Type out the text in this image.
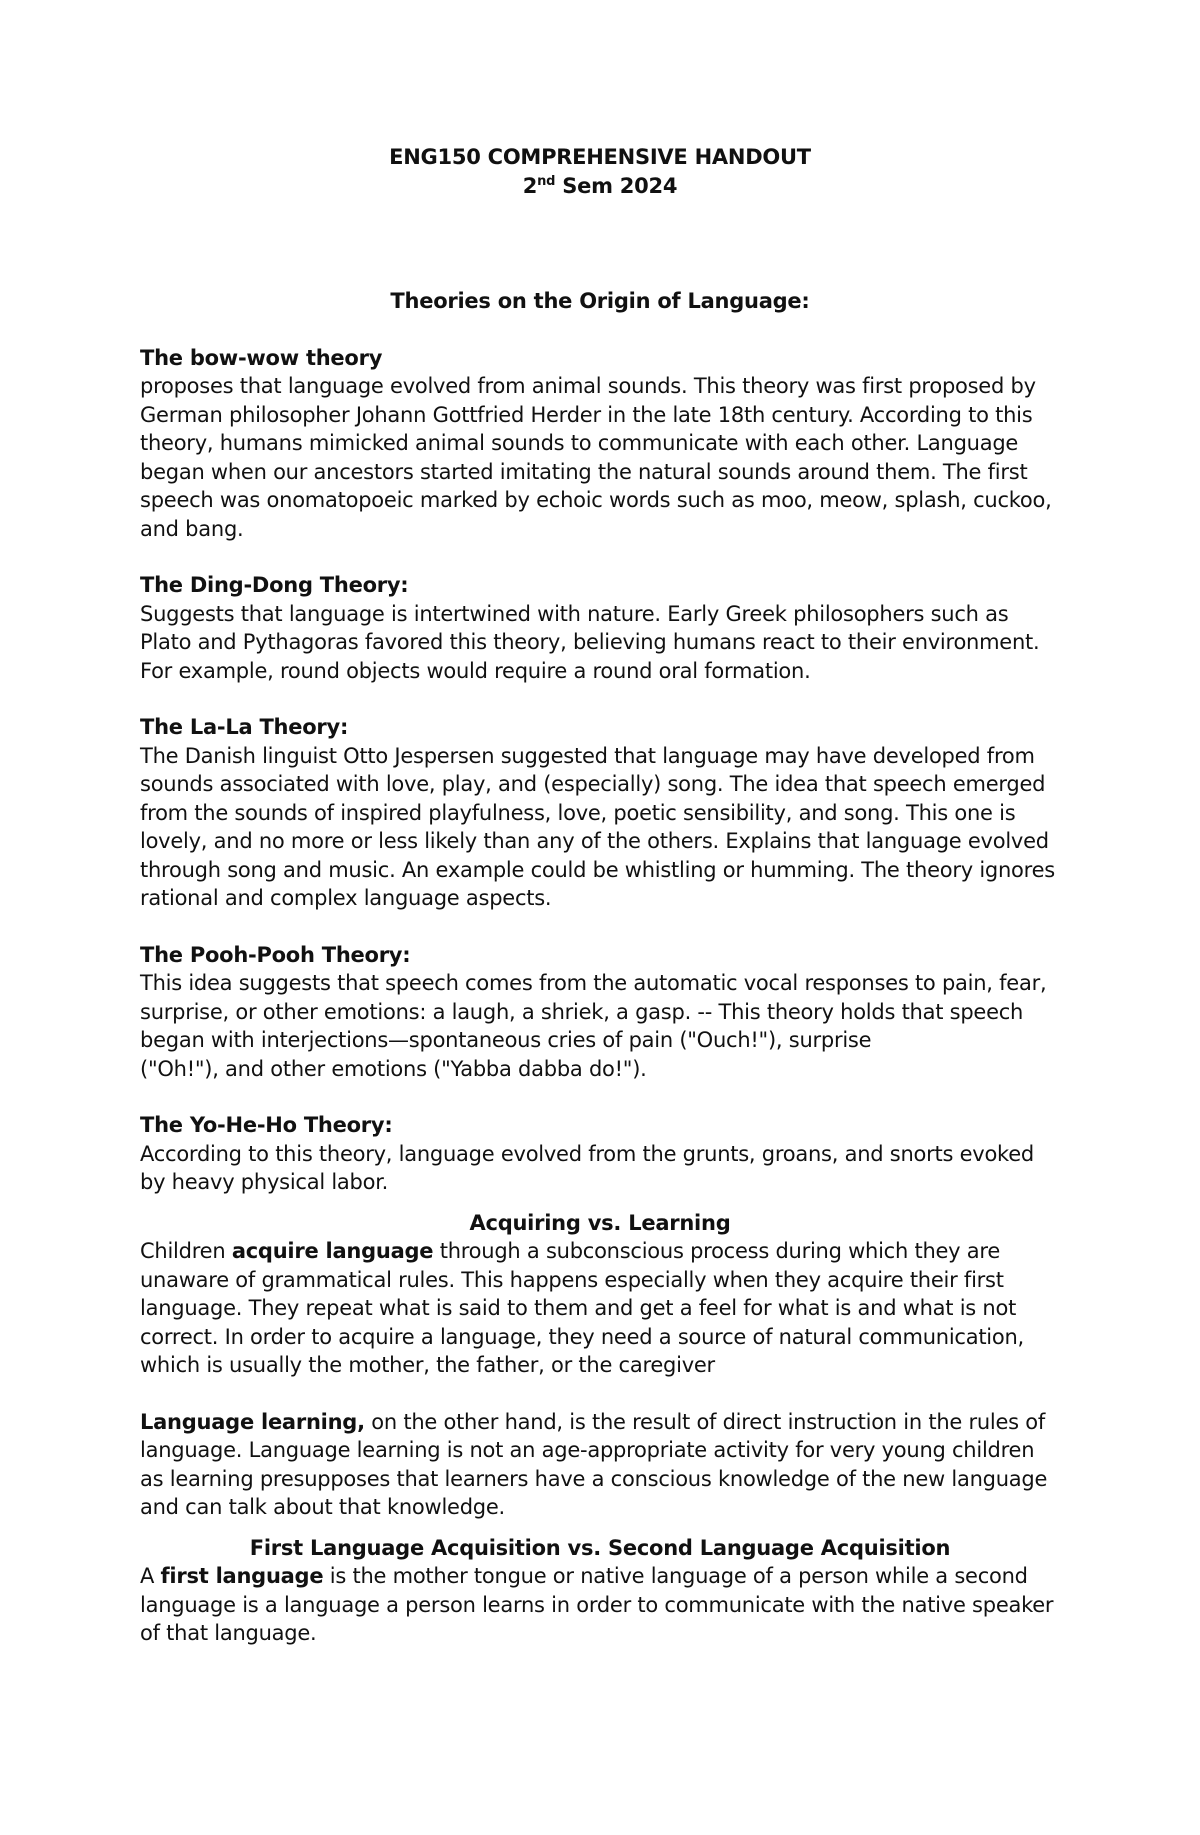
ENG150 COMPREHENSIVE HANDOUT

2nd Sem 2024

Theories on the Origin of Language:

The bow-wow theory

proposes that language evolved from animal sounds. This theory was first proposed by German philosopher Johann Gottfried Herder in the late 18th century. According to this theory, humans mimicked animal sounds to communicate with each other. Language began when our ancestors started imitating the natural sounds around them. The first speech was onomatopoeic marked by echoic words such as moo, meow, splash, cuckoo, and bang.

The Ding-Dong Theory:

Suggests that language is intertwined with nature. Early Greek philosophers such as Plato and Pythagoras favored this theory, believing humans react to their environment. For example, round objects would require a round oral formation.

The La-La Theory:

The Danish linguist Otto Jespersen suggested that language may have developed from sounds associated with love, play, and (especially) song. The idea that speech emerged from the sounds of inspired playfulness, love, poetic sensibility, and song. This one is lovely, and no more or less likely than any of the others. Explains that language evolved through song and music. An example could be whistling or humming. The theory ignores rational and complex language aspects.

The Pooh-Pooh Theory:

This idea suggests that speech comes from the automatic vocal responses to pain, fear, surprise, or other emotions: a laugh, a shriek, a gasp. -- This theory holds that speech began with interjections—spontaneous cries of pain ("Ouch!"), surprise

("Oh!"), and other emotions ("Yabba dabba do!").

The Yo-He-Ho Theory:

According to this theory, language evolved from the grunts, groans, and snorts evoked by heavy physical labor.

Acquiring vs. Learning

Children acquire language through a subconscious process during which they are unaware of grammatical rules. This happens especially when they acquire their first language. They repeat what is said to them and get a feel for what is and what is not correct. In order to acquire a language, they need a source of natural communication, which is usually the mother, the father, or the caregiver

Language learning, on the other hand, is the result of direct instruction in the rules of language. Language learning is not an age-appropriate activity for very young children as learning presupposes that learners have a conscious knowledge of the new language and can talk about that knowledge.

First Language Acquisition vs. Second Language Acquisition

A first language is the mother tongue or native language of a person while a second language is a language a person learns in order to communicate with the native speaker of that language.
